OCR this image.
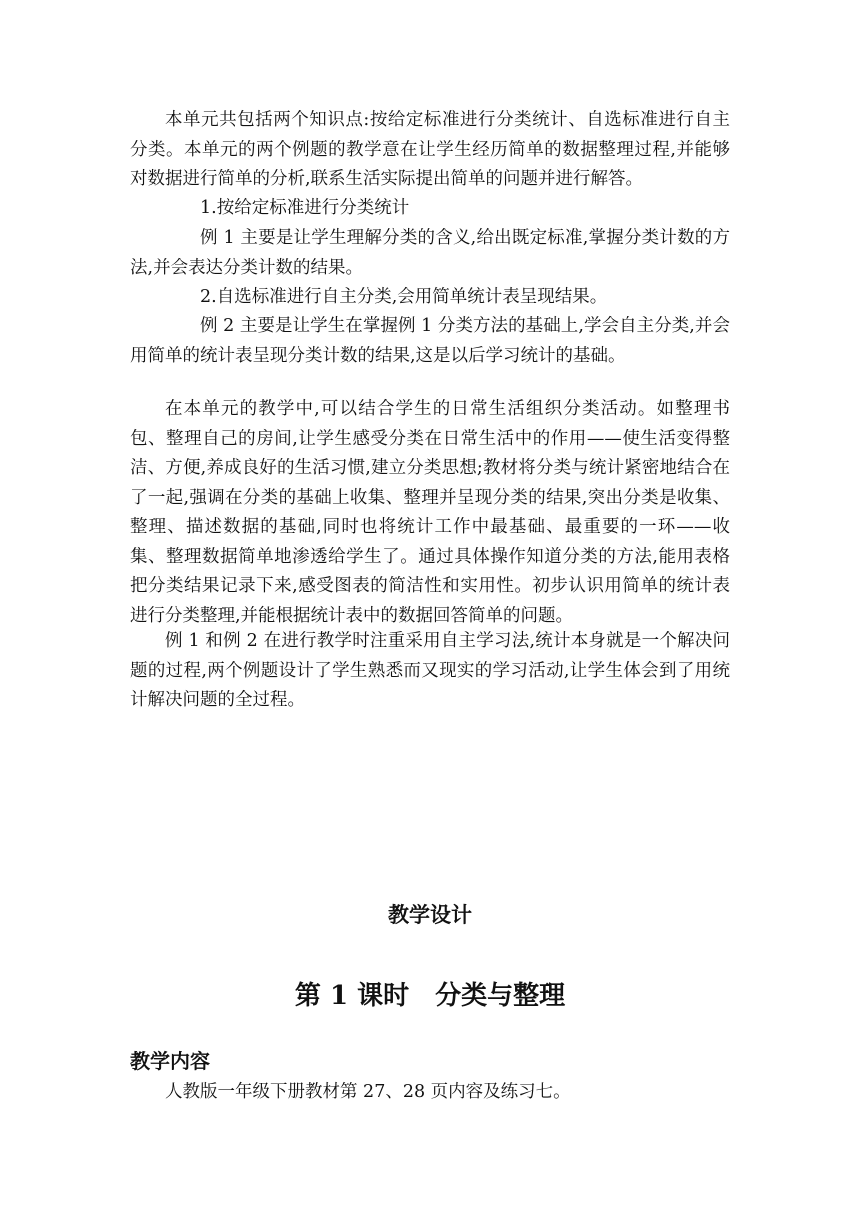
本单元共包括两个知识点:按给定标准进行分类统计、自选标准进行自主分类。本单元的两个例题的教学意在让学生经历简单的数据整理过程,并能够对数据进行简单的分析,联系生活实际提出简单的问题并进行解答。

1.按给定标准进行分类统计

例 1 主要是让学生理解分类的含义,给出既定标准,掌握分类计数的方法,并会表达分类计数的结果。

2.自选标准进行自主分类,会用简单统计表呈现结果。

例 2 主要是让学生在掌握例 1 分类方法的基础上,学会自主分类,并会用简单的统计表呈现分类计数的结果,这是以后学习统计的基础。

在本单元的教学中,可以结合学生的日常生活组织分类活动。如整理书包、整理自己的房间,让学生感受分类在日常生活中的作用——使生活变得整洁、方便,养成良好的生活习惯,建立分类思想;教材将分类与统计紧密地结合在了一起,强调在分类的基础上收集、整理并呈现分类的结果,突出分类是收集、整理、描述数据的基础,同时也将统计工作中最基础、最重要的一环——收集、整理数据简单地渗透给学生了。通过具体操作知道分类的方法,能用表格把分类结果记录下来,感受图表的简洁性和实用性。初步认识用简单的统计表进行分类整理,并能根据统计表中的数据回答简单的问题。

例 1 和例 2 在进行教学时注重采用自主学习法,统计本身就是一个解决问题的过程,两个例题设计了学生熟悉而又现实的学习活动,让学生体会到了用统计解决问题的全过程。

教学设计
第 1 课时 分类与整理
教学内容

人教版一年级下册教材第 27、28 页内容及练习七。
